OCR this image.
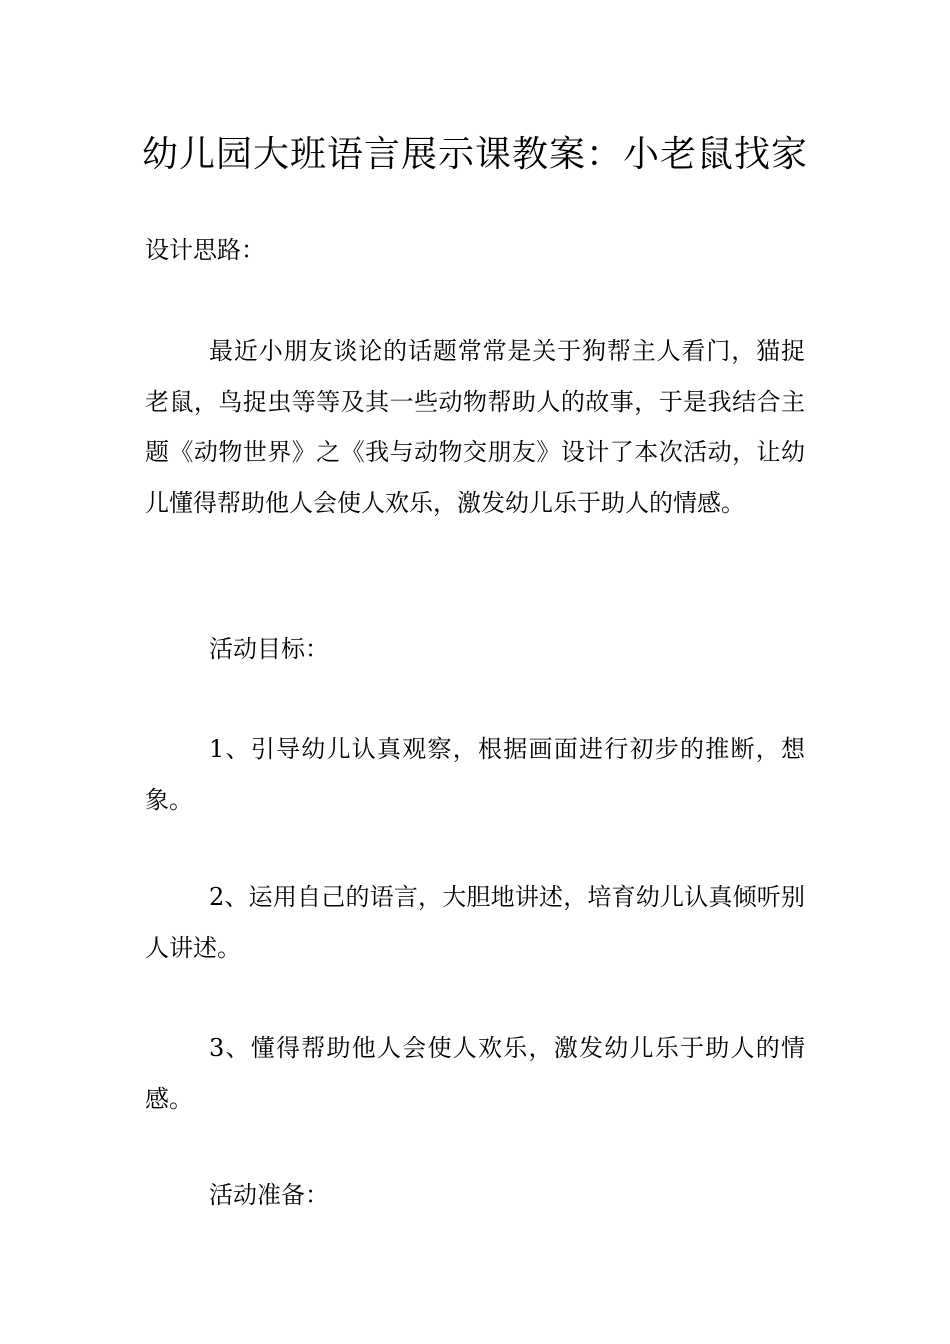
幼儿园大班语言展示课教案：小老鼠找家

设计思路：

最近小朋友谈论的话题常常是关于狗帮主人看门，猫捉老鼠，鸟捉虫等等及其一些动物帮助人的故事，于是我结合主题《动物世界》之《我与动物交朋友》设计了本次活动，让幼儿懂得帮助他人会使人欢乐，激发幼儿乐于助人的情感。

活动目标：

1、引导幼儿认真观察，根据画面进行初步的推断，想象。

2、运用自己的语言，大胆地讲述，培育幼儿认真倾听别人讲述。

3、懂得帮助他人会使人欢乐，激发幼儿乐于助人的情感。

活动准备：
